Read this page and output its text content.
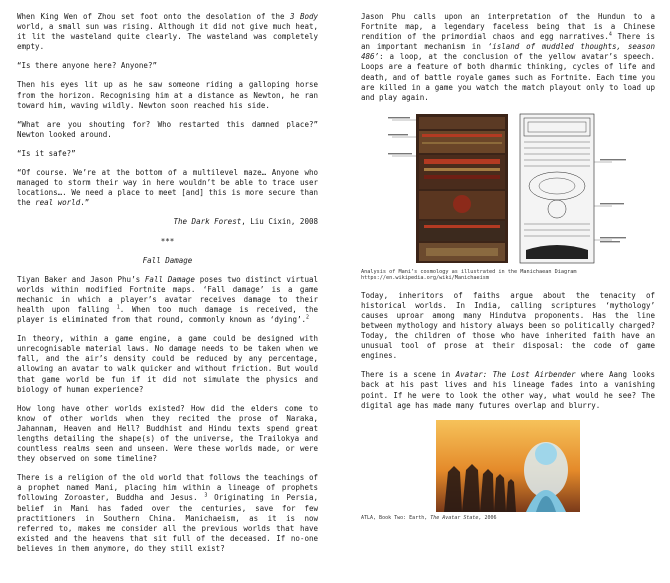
When King Wen of Zhou set foot onto the desolation of the 3 Body world, a small sun was rising. Although it did not give much heat, it lit the wasteland quite clearly. The wasteland was completely empty.

“Is there anyone here? Anyone?”

Then his eyes lit up as he saw someone riding a galloping horse from the horizon. Recognising him at a distance as Newton, he ran toward him, waving wildly. Newton soon reached his side.

“What are you shouting for? Who restarted this damned place?” Newton looked around.

“Is it safe?”

“Of course. We’re at the bottom of a multilevel maze… Anyone who managed to storm their way in here wouldn’t be able to trace user locations…. We need a place to meet [and] this is more secure than the real world.”

The Dark Forest, Liu Cixin, 2008

***

Fall Damage

Tiyan Baker and Jason Phu’s Fall Damage poses two distinct virtual worlds within modified Fortnite maps. ‘Fall damage’ is a game mechanic in which a player’s avatar receives damage to their health upon falling $^1$. When too much damage is received, the player is eliminated from that round, commonly known as ‘dying’.$^2$

In theory, within a game engine, a game could be designed with unrecognisable material laws. No damage needs to be taken when we fall, and the air’s density could be reduced by any percentage, allowing an avatar to walk quicker and without friction. But would that game world be fun if it did not simulate the physics and biology of human experience?

How long have other worlds existed? How did the elders come to know of other worlds when they recited the prose of Naraka, Jahannam, Heaven and Hell? Buddhist and Hindu texts spend great lengths detailing the shape(s) of the universe, the Trailokya and countless realms seen and unseen. Were these worlds made, or were they observed on some timeline?

There is a religion of the old world that follows the teachings of a prophet named Mani, placing him within a lineage of prophets following Zoroaster, Buddha and Jesus. $^3$ Originating in Persia, belief in Mani has faded over the centuries, save for few practitioners in Southern China. Manichaeism, as it is now referred to, makes me consider all the previous worlds that have existed and the heavens that sit full of the deceased. If no-one believes in them anymore, do they still exist?

Jason Phu calls upon an interpretation of the Hundun to a Fortnite map, a legendary faceless being that is a Chinese rendition of the primordial chaos and egg narratives.$^4$ There is an important mechanism in ‘island of muddled thoughts, season 486’: a loop, at the conclusion of the yellow avatar’s speech. Loops are a feature of both dharmic thinking, cycles of life and death, and of battle royale games such as Fortnite. Each time you are killed in a game you watch the match playout only to load up and play again.

Analysis of Mani’s cosmology as illustrated in the Manichaean Diagram
https://en.wikipedia.org/wiki/Manichaeism

Today, inheritors of faiths argue about the tenacity of historical worlds. In India, calling scriptures ‘mythology’ causes uproar among many Hindutva proponents. Has the line between mythology and history always been so politically charged? Today, the children of those who have inherited faith have an unusual tool of prose at their disposal: the code of game engines.

There is a scene in Avatar: The Lost Airbender where Aang looks back at his past lives and his lineage fades into a vanishing point. If he were to look the other way, what would he see? The digital age has made many futures overlap and blurry.

ATLA, Book Two: Earth, The Avatar State, 2006
